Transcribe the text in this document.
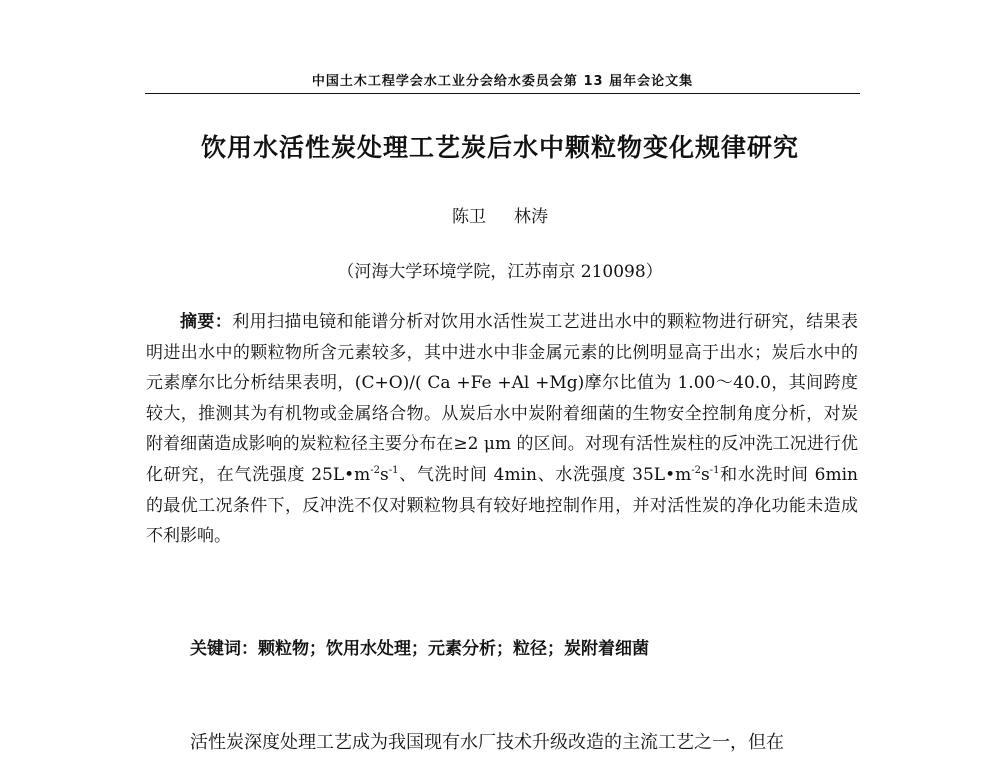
中国土木工程学会水工业分会给水委员会第 13 届年会论文集
饮用水活性炭处理工艺炭后水中颗粒物变化规律研究
陈卫 林涛
（河海大学环境学院，江苏南京 210098）
摘要：利用扫描电镜和能谱分析对饮用水活性炭工艺进出水中的颗粒物进行研究，结果表明进出水中的颗粒物所含元素较多，其中进水中非金属元素的比例明显高于出水；炭后水中的元素摩尔比分析结果表明，(C+O)/( Ca +Fe +Al +Mg)摩尔比值为 1.00～40.0，其间跨度较大，推测其为有机物或金属络合物。从炭后水中炭附着细菌的生物安全控制角度分析，对炭附着细菌造成影响的炭粒粒径主要分布在≥2 μm 的区间。对现有活性炭柱的反冲洗工况进行优化研究，在气洗强度 $25L•m^{-2}s^{-1}$、气洗时间 4min、水洗强度 $35L•m^{-2}s^{-1}$和水洗时间 6min 的最优工况条件下，反冲洗不仅对颗粒物具有较好地控制作用，并对活性炭的净化功能未造成不利影响。
关键词：颗粒物；饮用水处理；元素分析；粒径；炭附着细菌
活性炭深度处理工艺成为我国现有水厂技术升级改造的主流工艺之一，但在
